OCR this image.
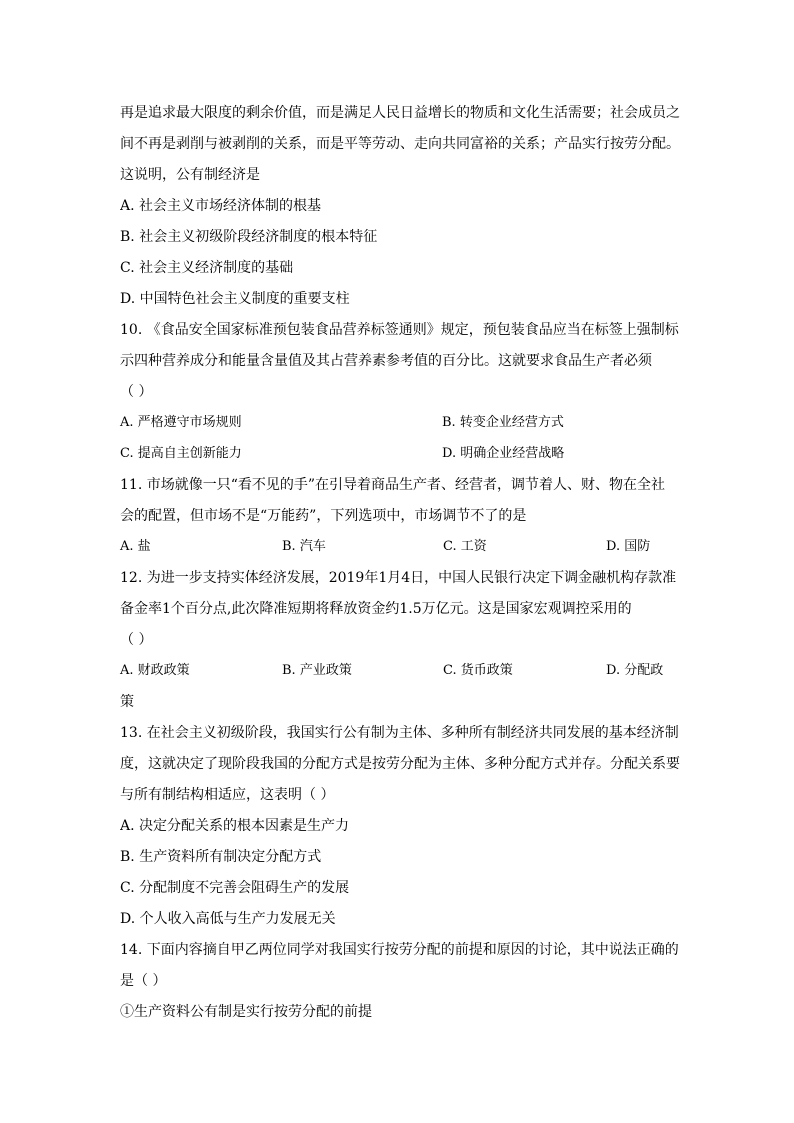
再是追求最大限度的剩余价值，而是满足人民日益增长的物质和文化生活需要；社会成员之
间不再是剥削与被剥削的关系，而是平等劳动、走向共同富裕的关系；产品实行按劳分配。
这说明，公有制经济是
A. 社会主义市场经济体制的根基
B. 社会主义初级阶段经济制度的根本特征
C. 社会主义经济制度的基础
D. 中国特色社会主义制度的重要支柱
10. 《食品安全国家标准预包装食品营养标签通则》规定，预包装食品应当在标签上强制标
示四种营养成分和能量含量值及其占营养素参考值的百分比。这就要求食品生产者必须
（ ）
A. 严格遵守市场规则	B. 转变企业经营方式
C. 提高自主创新能力	D. 明确企业经营战略
11. 市场就像一只“看不见的手”在引导着商品生产者、经营者，调节着人、财、物在全社
会的配置，但市场不是“万能药”，下列选项中，市场调节不了的是
A. 盐	B. 汽车	C. 工资	D. 国防
12. 为进一步支持实体经济发展，2019年1月4日，中国人民银行决定下调金融机构存款准
备金率1个百分点,此次降准短期将释放资金约1.5万亿元。这是国家宏观调控采用的
（ ）
A. 财政政策	B. 产业政策	C. 货币政策	D. 分配政
策
13. 在社会主义初级阶段，我国实行公有制为主体、多种所有制经济共同发展的基本经济制
度，这就决定了现阶段我国的分配方式是按劳分配为主体、多种分配方式并存。分配关系要
与所有制结构相适应，这表明（ ）
A. 决定分配关系的根本因素是生产力
B. 生产资料所有制决定分配方式
C. 分配制度不完善会阻碍生产的发展
D. 个人收入高低与生产力发展无关
14. 下面内容摘自甲乙两位同学对我国实行按劳分配的前提和原因的讨论，其中说法正确的
是（ ）
①生产资料公有制是实行按劳分配的前提
